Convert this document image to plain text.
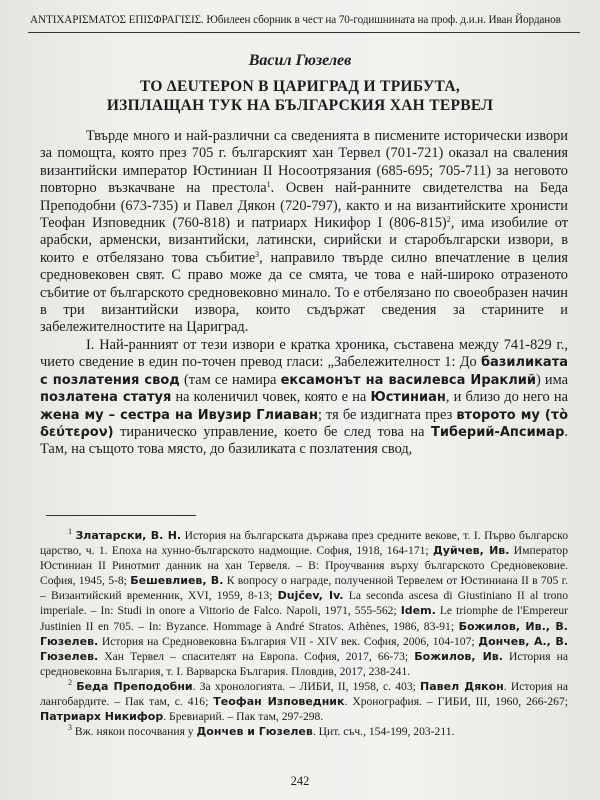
ΑΝΤΙΧΑΡΙΣΜΑΤΟΣ ΕΠΙΣΦΡΑΓΙΣΙΣ. Юбилеен сборник в чест на 70-годишнината на проф. д.и.н. Иван Йорданов
Васил Гюзелев
ТО ΔΕUTEPON В ЦАРИГРАД И ТРИБУТА,
ИЗПЛАЩАН ТУК НА БЪЛГАРСКИЯ ХАН ТЕРВЕЛ

Твърде много и най-различни са сведенията в писмените исторически извори за помощта, която през 705 г. българският хан Тервел (701-721) оказал на сваления византийски император Юстиниан II Носоотрязания (685-695; 705-711) за неговото повторно възкачване на престола$^1$. Освен най-ранните свидетелства на Беда Преподобни (673-735) и Павел Дякон (720-797), както и на византийските хронисти Теофан Изповедник (760-818) и патриарх Никифор I $(806-815)^2$, има изобилие от арабски, арменски, византийски, латински, сирийски и старобългарски извори, в които е отбелязано това събитие$^3$, направило твърде силно впечатление в целия средновековен свят. С право може да се смята, че това е най-широко отразеното събитие от българското средновековно минало. То е отбелязано по своеобразен начин в три византийски извора, които съдържат сведения за старините и забележителностите на Цариград.

I. Най-ранният от тези извори е кратка хроника, съставена между 741-829 г., чието сведение в един по-точен превод гласи: „Забележителност 1: До базиликата с позлатения свод (там се намира ексамонът на василевса Ираклий) има позлатена статуя на коленичил човек, която е на Юстиниан, и близо до него на жена му – сестра на Ивузир Глиаван; тя бе издигната през второто му (τὸ δεύτερον) тираническо управление, което бе след това на Тиберий-Апсимар. Там, на същото това място, до базиликата с позлатения свод,

$^1$ Златарски, В. Н. История на българската държава през средните векове, т. I. Първо българско царство, ч. 1. Епоха на хунно-българското надмощие. София, 1918, 164-171; Дуйчев, Ив. Император Юстиниан II Ринотмит данник на хан Тервеля. – В: Проучвания върху българското Средновековие. София, 1945, 5-8; Бешевлиев, В. К вопросу о награде, полученной Тервелем от Юстиниана II в 705 г. – Византийский временник, XVI, 1959, 8-13; Dujčev, Iv. La seconda ascesa di Giustiniano II al trono imperiale. – In: Studi in onore a Vittorio de Falco. Napoli, 1971, 555-562; Idem. Le triomphe de l'Empereur Justinien II en 705. – In: Byzance. Hommage à André Stratos. Athènes, 1986, 83-91; Божилов, Ив., В. Гюзелев. История на Средновековна България VII - XIV век. София, 2006, 104-107; Дончев, А., В. Гюзелев. Хан Тервел – спасителят на Европа. София, 2017, 66-73; Божилов, Ив. История на средновековна България, т. I. Варварска България. Пловдив, 2017, 238-241.

$^2$ Беда Преподобни. За хронологията. – ЛИБИ, II, 1958, с. 403; Павел Дякон. История на лангобардите. – Пак там, с. 416; Теофан Изповедник. Хронография. – ГИБИ, III, 1960, 266-267; Патриарх Никифор. Бревиарий. – Пак там, 297-298.

$^3$ Вж. някои посочвания у Дончев и Гюзелев. Цит. съч., 154-199, 203-211.

242
